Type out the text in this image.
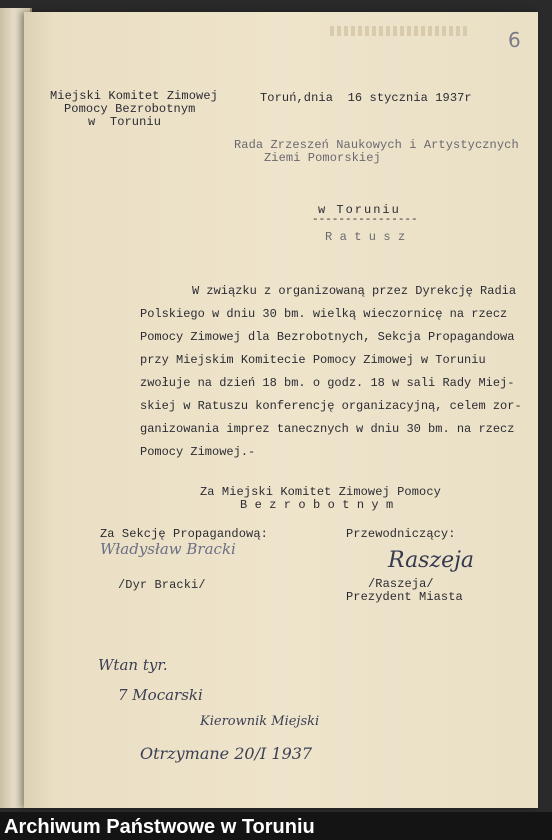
6
Miejski Komitet Zimowej
Pomocy Bezrobotnym
w  Toruniu
Toruń,dnia  16 stycznia 1937r
Rada Zrzeszeń Naukowych i Artystycznych
Ziemi Pomorskiej
w Toruniu
----------------
R a t u s z
W związku z organizowaną przez Dyrekcję Radia
Polskiego w dniu 30 bm. wielką wieczornicę na rzecz
Pomocy Zimowej dla Bezrobotnych, Sekcja Propagandowa
przy Miejskim Komitecie Pomocy Zimowej w Toruniu
zwołuje na dzień 18 bm. o godz. 18 w sali Rady Miej-
skiej w Ratuszu konferencję organizacyjną, celem zor-
ganizowania imprez tanecznych w dniu 30 bm. na rzecz
Pomocy Zimowej.-
Za Miejski Komitet Zimowej Pomocy
B e z r o b o t n y m
Za Sekcję Propagandową:
Władysław Bracki
/Dyr Bracki/
Przewodniczący:
Raszeja
/Raszeja/
Prezydent Miasta
Wtan tyr.
7 Mocarski
Kierownik Miejski
Otrzymane 20/I 1937
Archiwum Państwowe w Toruniu
